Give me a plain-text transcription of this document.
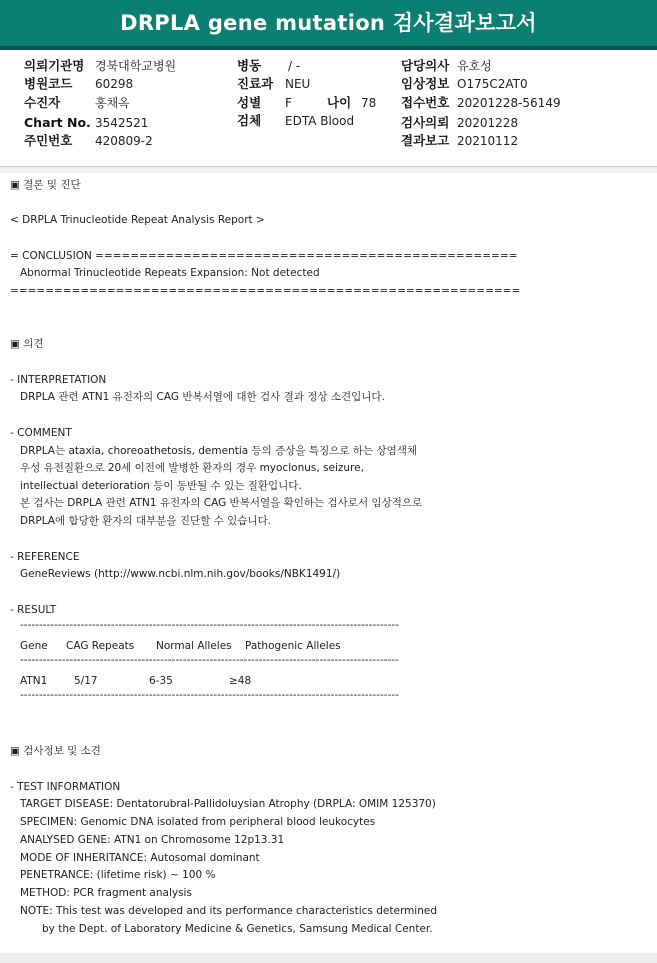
DRPLA gene mutation 검사결과보고서
의뢰기관명 경북대학교병원
병원코드 60298
수진자	홍채옥
Chart No. 3542521
주민번호 420809-2
병동 / -
진료과 NEU
성별 F	나이 78
검체 EDTA Blood
담당의사 유호성
임상정보 O175C2AT0
접수번호 20201228-56149
검사의뢰 20201228
결과보고 20210112
▣ 결론 및 진단
< DRPLA Trinucleotide Repeat Analysis Report >
= CONCLUSION ================================================
Abnormal Trinucleotide Repeats Expansion: Not detected
==========================================================
▣ 의견
- INTERPRETATION
DRPLA 관련 ATN1 유전자의 CAG 반복서열에 대한 검사 결과 정상 소견입니다.
- COMMENT
DRPLA는 ataxia, choreoathetosis, dementia 등의 증상을 특징으로 하는 상염색체
우성 유전질환으로 20세 이전에 발병한 환자의 경우 myoclonus, seizure,
intellectual deterioration 등이 동반될 수 있는 질환입니다.
본 검사는 DRPLA 관련 ATN1 유전자의 CAG 반복서열을 확인하는 검사로서 임상적으로
DRPLA에 합당한 환자의 대부분을 진단할 수 있습니다.
- REFERENCE
GeneReviews (http://www.ncbi.nlm.nih.gov/books/NBK1491/)
- RESULT
----------------------------------------------------------------------------------------------------
Gene CAG Repeats Normal Alleles Pathogenic Alleles
----------------------------------------------------------------------------------------------------
ATN1	5/17	6-35	≥48
----------------------------------------------------------------------------------------------------
▣ 검사정보 및 소견
- TEST INFORMATION
TARGET DISEASE: Dentatorubral-Pallidoluysian Atrophy (DRPLA: OMIM 125370)
SPECIMEN: Genomic DNA isolated from peripheral blood leukocytes
ANALYSED GENE: ATN1 on Chromosome 12p13.31
MODE OF INHERITANCE: Autosomal dominant
PENETRANCE: (lifetime risk) ~ 100 %
METHOD: PCR fragment analysis
NOTE: This test was developed and its performance characteristics determined
by the Dept. of Laboratory Medicine & Genetics, Samsung Medical Center.
